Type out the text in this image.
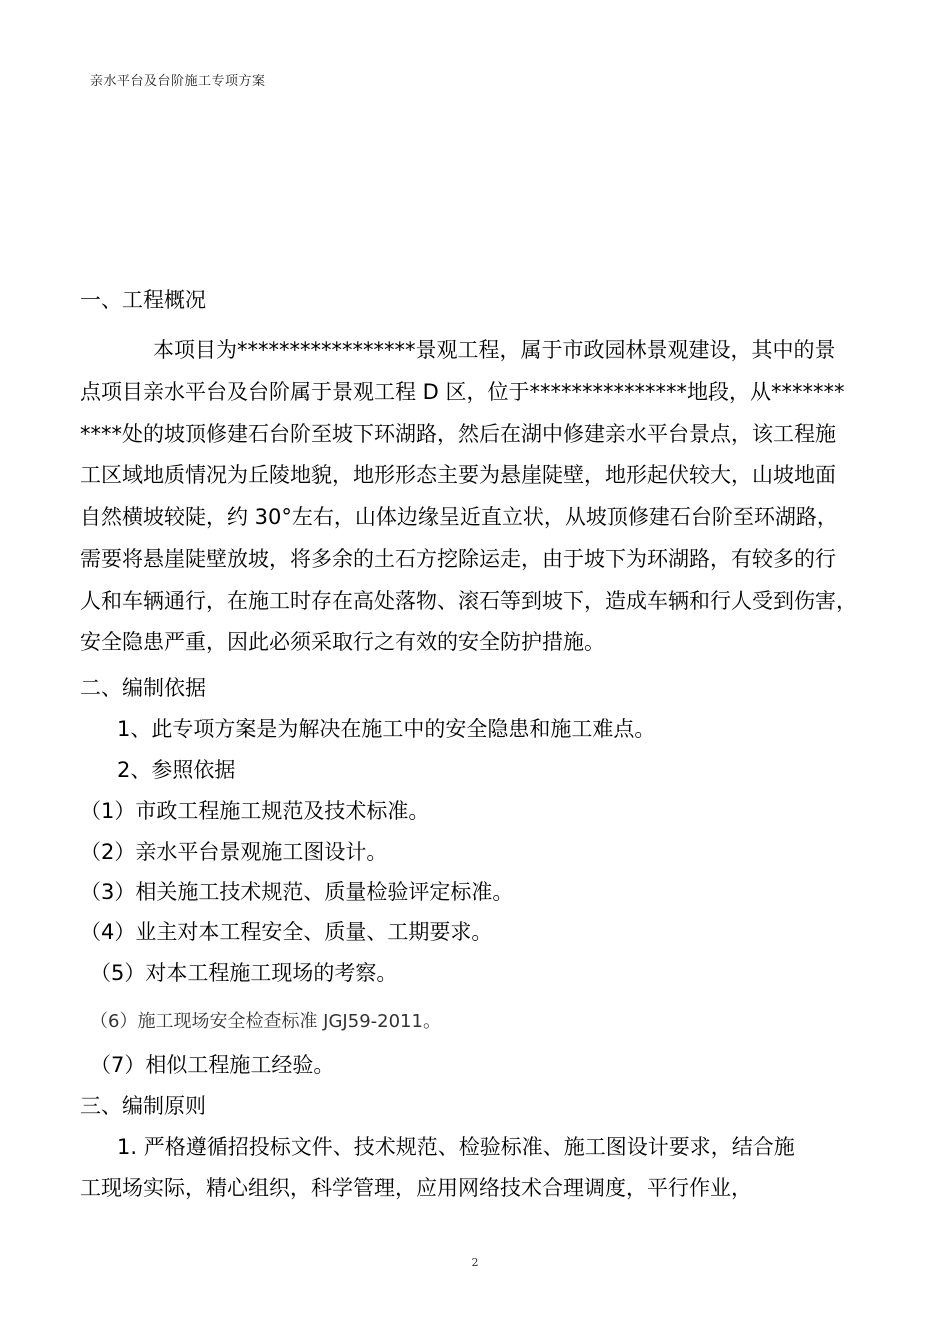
亲水平台及台阶施工专项方案
一、工程概况
本项目为*****************景观工程，属于市政园林景观建设，其中的景
点项目亲水平台及台阶属于景观工程 D 区，位于***************地段，从*******
****处的坡顶修建石台阶至坡下环湖路，然后在湖中修建亲水平台景点，该工程施
工区域地质情况为丘陵地貌，地形形态主要为悬崖陡壁，地形起伏较大，山坡地面
自然横坡较陡，约 30°左右，山体边缘呈近直立状，从坡顶修建石台阶至环湖路，
需要将悬崖陡壁放坡，将多余的土石方挖除运走，由于坡下为环湖路，有较多的行
人和车辆通行，在施工时存在高处落物、滚石等到坡下，造成车辆和行人受到伤害，
安全隐患严重，因此必须采取行之有效的安全防护措施。
二、编制依据
1、此专项方案是为解决在施工中的安全隐患和施工难点。
2、参照依据
（1）市政工程施工规范及技术标准。
（2）亲水平台景观施工图设计。
（3）相关施工技术规范、质量检验评定标准。
（4）业主对本工程安全、质量、工期要求。
（5）对本工程施工现场的考察。
（6）施工现场安全检查标准 JGJ59-2011。
（7）相似工程施工经验。
三、编制原则
1. 严格遵循招投标文件、技术规范、检验标准、施工图设计要求，结合施
工现场实际，精心组织，科学管理，应用网络技术合理调度，平行作业，
2
